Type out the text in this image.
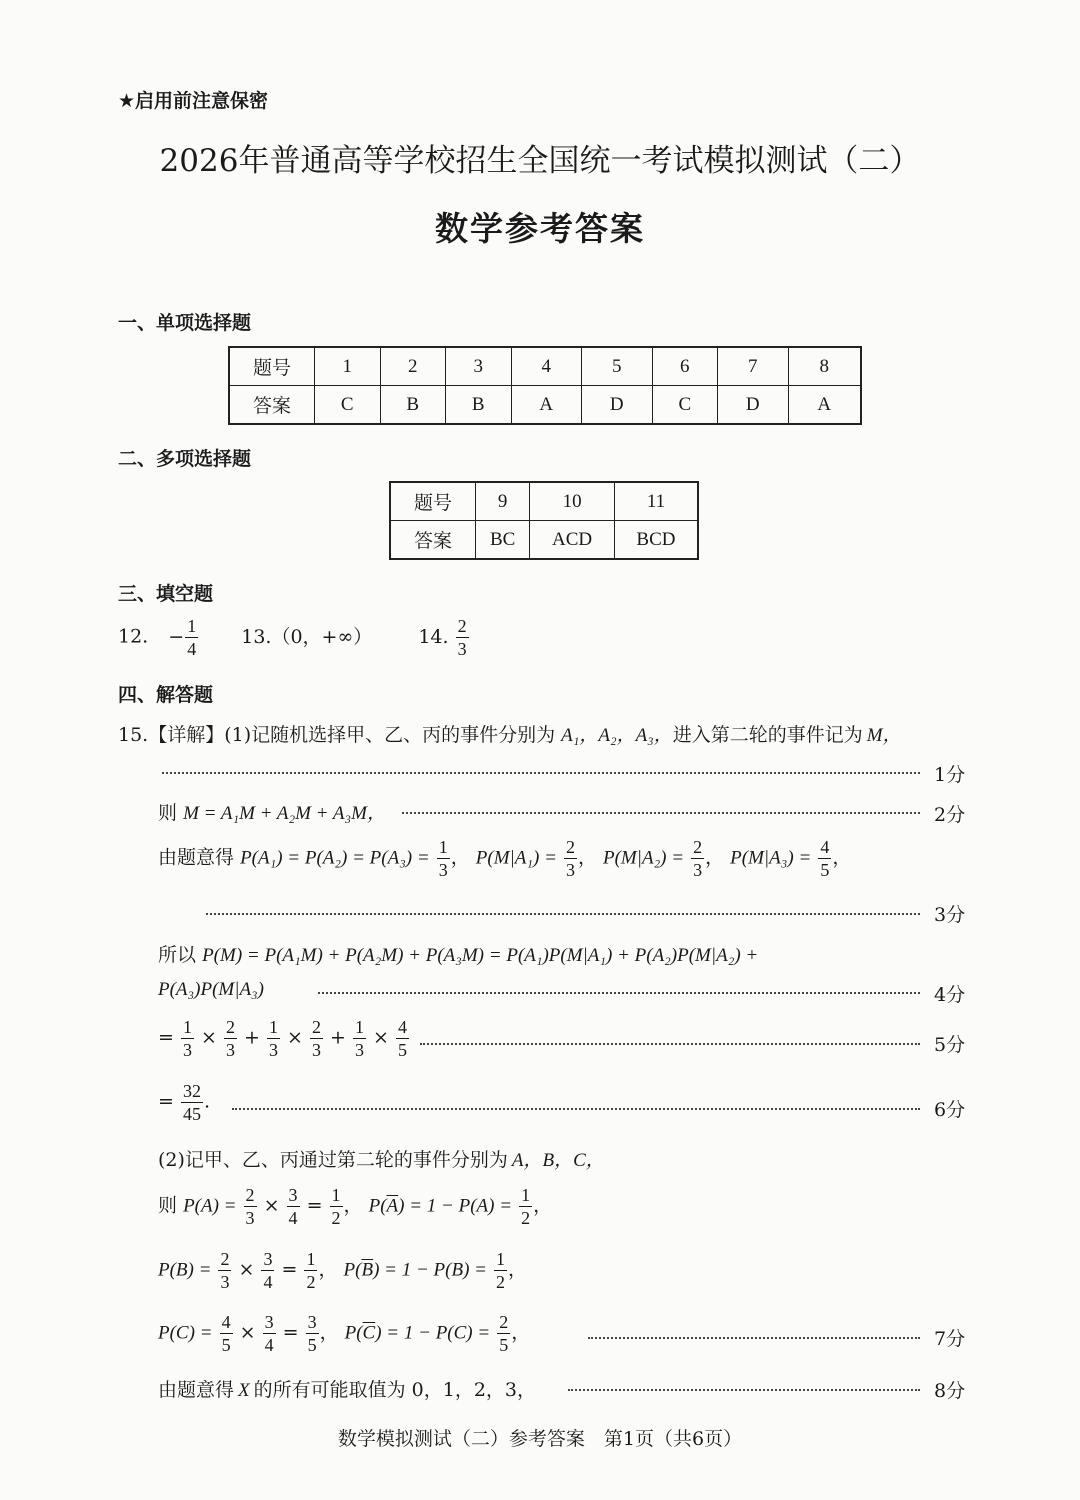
★启用前注意保密
2026年普通高等学校招生全国统一考试模拟测试（二）
数学参考答案
一、单项选择题
题号	1	2	3	4	5	6	7	8
答案	C	B	B	A	D	C	D	A
二、多项选择题
题号	9	10	11
答案	BC	ACD	BCD
三、填空题
12. − $\frac{1}{4} 13.(0$，+∞） 14. $\frac{2}{3}$
四、解答题
15.【详解】(1)记随机选择甲、乙、丙的事件分别为 A₁，A₂，A₃，进入第二轮的事件记为 M，
1分
则 M = A₁M + A₂M + A₃M，	2分
由题意得 $P(A_1) = P(A_2) = P(A_3) = \frac{1}{3}$ ， $P(M|A_1) = \frac{2}{3}$ ， $P(M|A_2) = \frac{2}{3}$ ， $P(M|A_3) = \frac{4}{5}$ ，
3分
所以 P(M) = P(A₁M) + P(A₂M) + P(A₃M) = P(A₁)P(M|A₁) + P(A₂)P(M|A₂) +
P(A₃)P(M|A₃)	4分
= $\frac{1}{3} \times \frac{2}{3} + \frac{1}{3} \times \frac{2}{3} + \frac{1}{3} \times \frac{4}{5}$	5分
= $\frac{32}{45}$ .	6分
(2)记甲、乙、丙通过第二轮的事件分别为 A，B，C，
则 $P(A) = \frac{2}{3} \times \frac{3}{4} = \frac{1}{2}$ ， $P(\overline{A}) = 1 - P(A) = \frac{1}{2}$ ，
$P(B) = \frac{2}{3} \times \frac{3}{4} = \frac{1}{2}$ ， $P(\overline{B}) = 1 - P(B) = \frac{1}{2}$ ，
$P(C) = \frac{4}{5} \times \frac{3}{4} = \frac{3}{5}$ ， $P(\overline{C}) = 1 - P(C) = \frac{2}{5}$ ，	7分
由题意得 X 的所有可能取值为 0，1，2，3，	8分
数学模拟测试（二）参考答案　第1页（共6页）
